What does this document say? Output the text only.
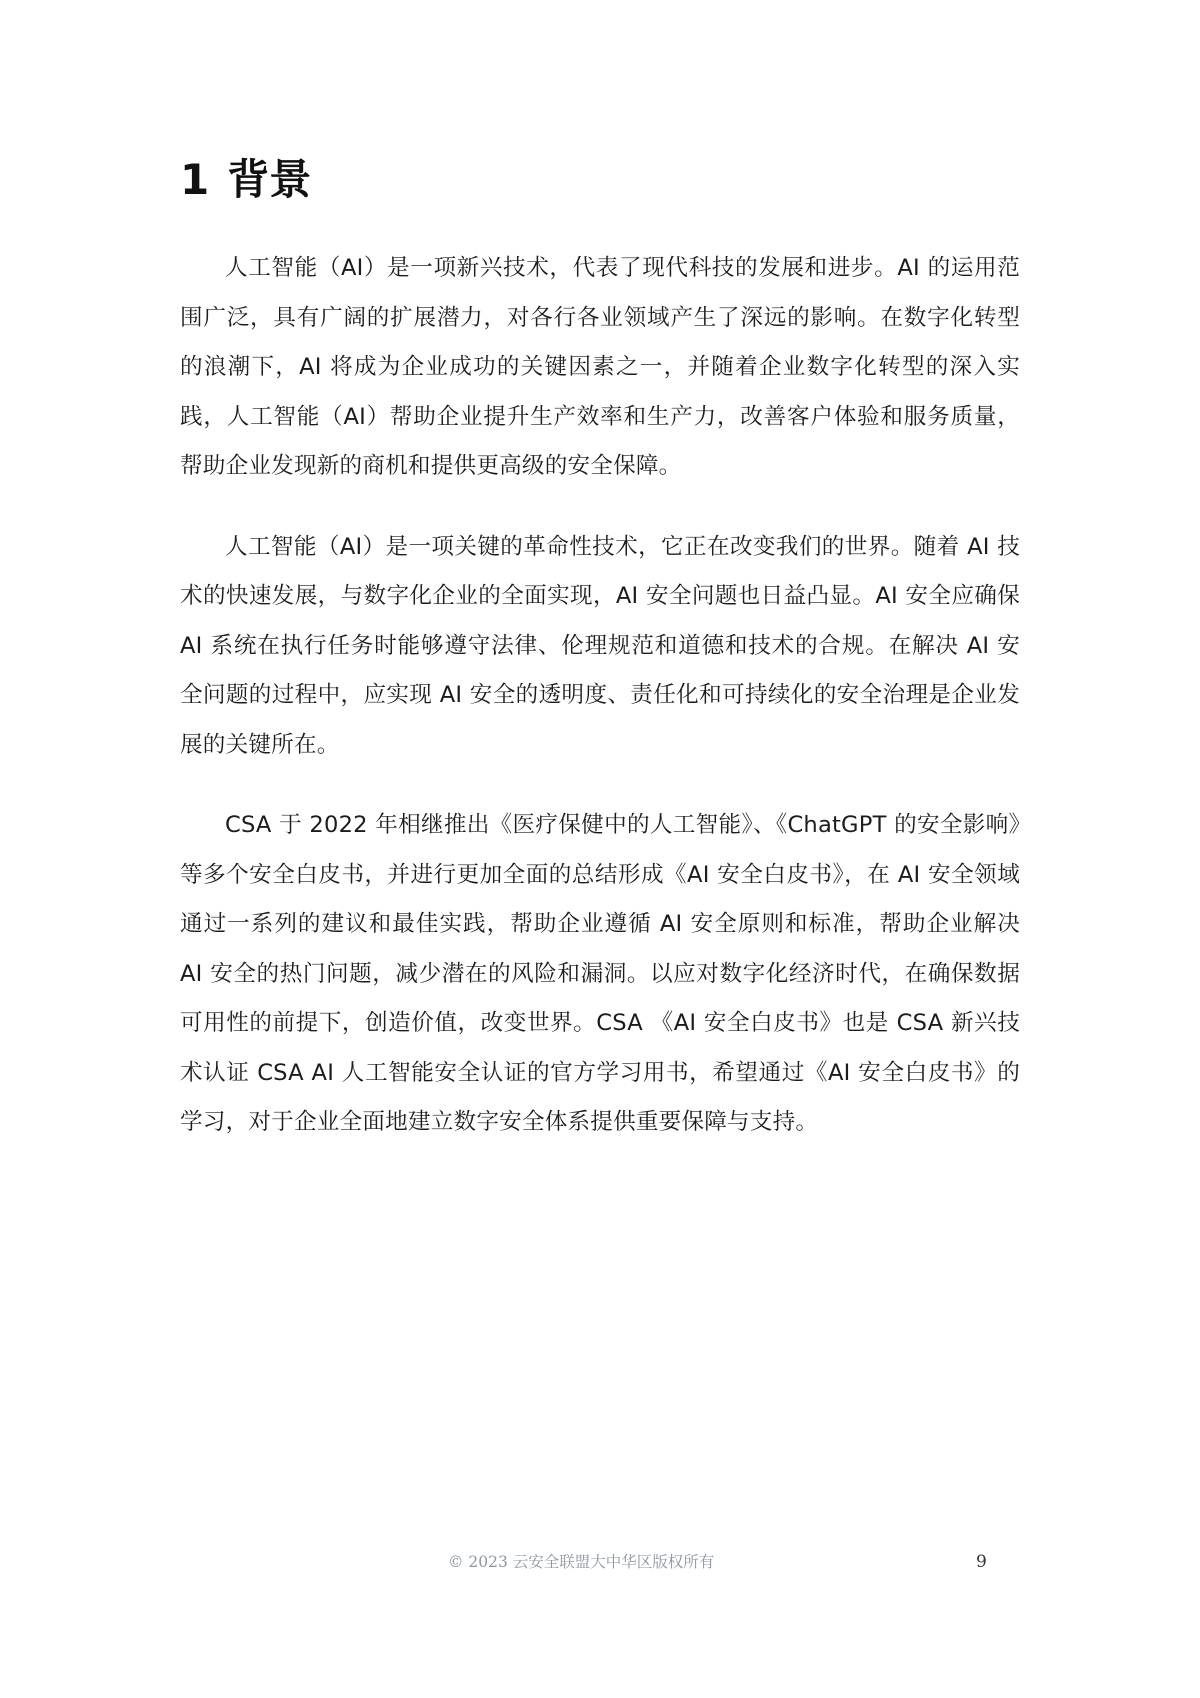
1 背景

人工智能（AI）是一项新兴技术，代表了现代科技的发展和进步。AI 的运用范围广泛，具有广阔的扩展潜力，对各行各业领域产生了深远的影响。在数字化转型的浪潮下，AI 将成为企业成功的关键因素之一，并随着企业数字化转型的深入实践，人工智能（AI）帮助企业提升生产效率和生产力，改善客户体验和服务质量，帮助企业发现新的商机和提供更高级的安全保障。

人工智能（AI）是一项关键的革命性技术，它正在改变我们的世界。随着 AI 技术的快速发展，与数字化企业的全面实现，AI 安全问题也日益凸显。AI 安全应确保 AI 系统在执行任务时能够遵守法律、伦理规范和道德和技术的合规。在解决 AI 安全问题的过程中，应实现 AI 安全的透明度、责任化和可持续化的安全治理是企业发展的关键所在。

CSA 于 2022 年相继推出《医疗保健中的人工智能》、《ChatGPT 的安全影响》等多个安全白皮书，并进行更加全面的总结形成《AI 安全白皮书》，在 AI 安全领域通过一系列的建议和最佳实践，帮助企业遵循 AI 安全原则和标准，帮助企业解决 AI 安全的热门问题，减少潜在的风险和漏洞。以应对数字化经济时代，在确保数据可用性的前提下，创造价值，改变世界。CSA 《AI 安全白皮书》也是 CSA 新兴技术认证 CSA AI 人工智能安全认证的官方学习用书，希望通过《AI 安全白皮书》的学习，对于企业全面地建立数字安全体系提供重要保障与支持。

© 2023 云安全联盟大中华区版权所有	9
